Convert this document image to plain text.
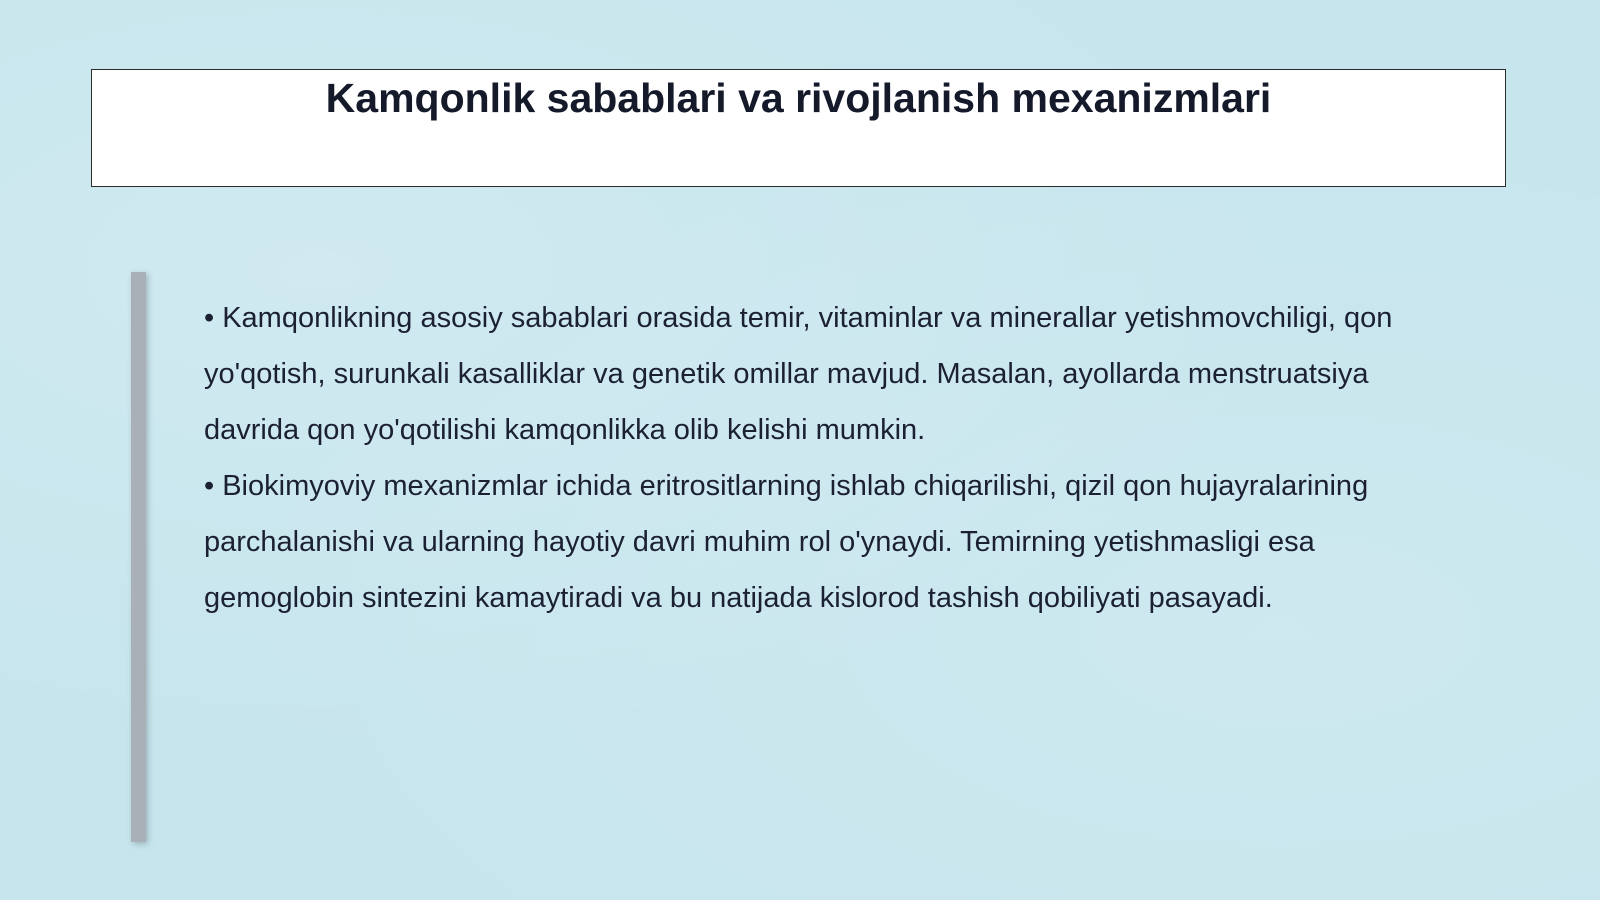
Kamqonlik sabablari va rivojlanish mexanizmlari

• Kamqonlikning asosiy sabablari orasida temir, vitaminlar va minerallar yetishmovchiligi, qon yo'qotish, surunkali kasalliklar va genetik omillar mavjud. Masalan, ayollarda menstruatsiya davrida qon yo'qotilishi kamqonlikka olib kelishi mumkin.

• Biokimyoviy mexanizmlar ichida eritrositlarning ishlab chiqarilishi, qizil qon hujayralarining parchalanishi va ularning hayotiy davri muhim rol o'ynaydi. Temirning yetishmasligi esa gemoglobin sintezini kamaytiradi va bu natijada kislorod tashish qobiliyati pasayadi.
